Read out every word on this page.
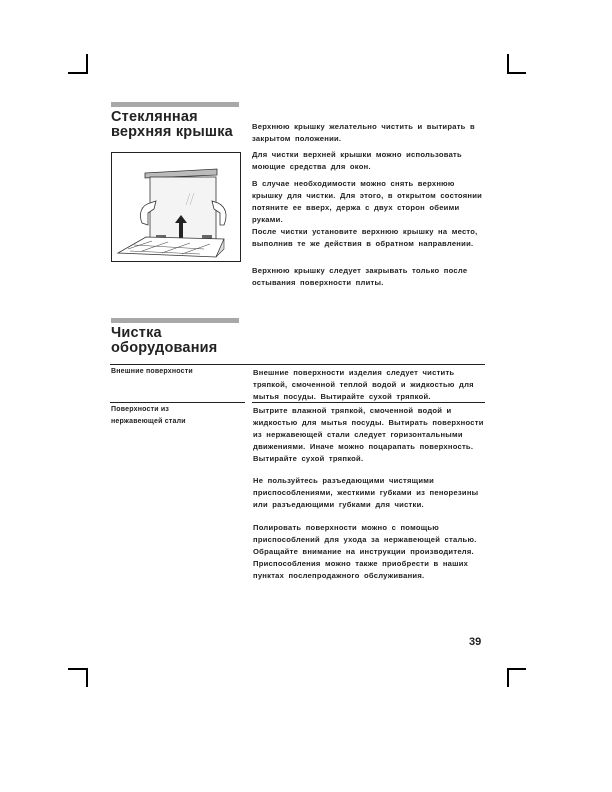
Стеклянная
верхняя крышка	Верхнюю крышку желательно чистить и вытирать в закрытом положении.

Для чистки верхней крышки можно использовать моющие средства для окон.

В случае необходимости можно снять верхнюю крышку для чистки. Для этого, в открытом состоянии потяните ее вверх, держа с двух сторон обеими руками.

После чистки установите верхнюю крышку на место, выполнив те же действия в обратном направлении.

Верхнюю крышку следует закрывать только после остывания поверхности плиты.

Чистка
оборудования
Внешние поверхности	Внешние поверхности изделия следует чистить тряпкой, смоченной теплой водой и жидкостью для мытья посуды. Вытирайте сухой тряпкой.

Поверхности из
нержавеющей стали

Вытрите влажной тряпкой, смоченной водой и жидкостью для мытья посуды. Вытирать поверхности из нержавеющей стали следует горизонтальными движениями. Иначе можно поцарапать поверхность. Вытирайте сухой тряпкой.

Не пользуйтесь разъедающими чистящими приспособлениями, жесткими губками из пенорезины или разъедающими губками для чистки.

Полировать поверхности можно с помощью приспособлений для ухода за нержавеющей сталью. Обращайте внимание на инструкции производителя. Приспособления можно также приобрести в наших пунктах послепродажного обслуживания.

39
